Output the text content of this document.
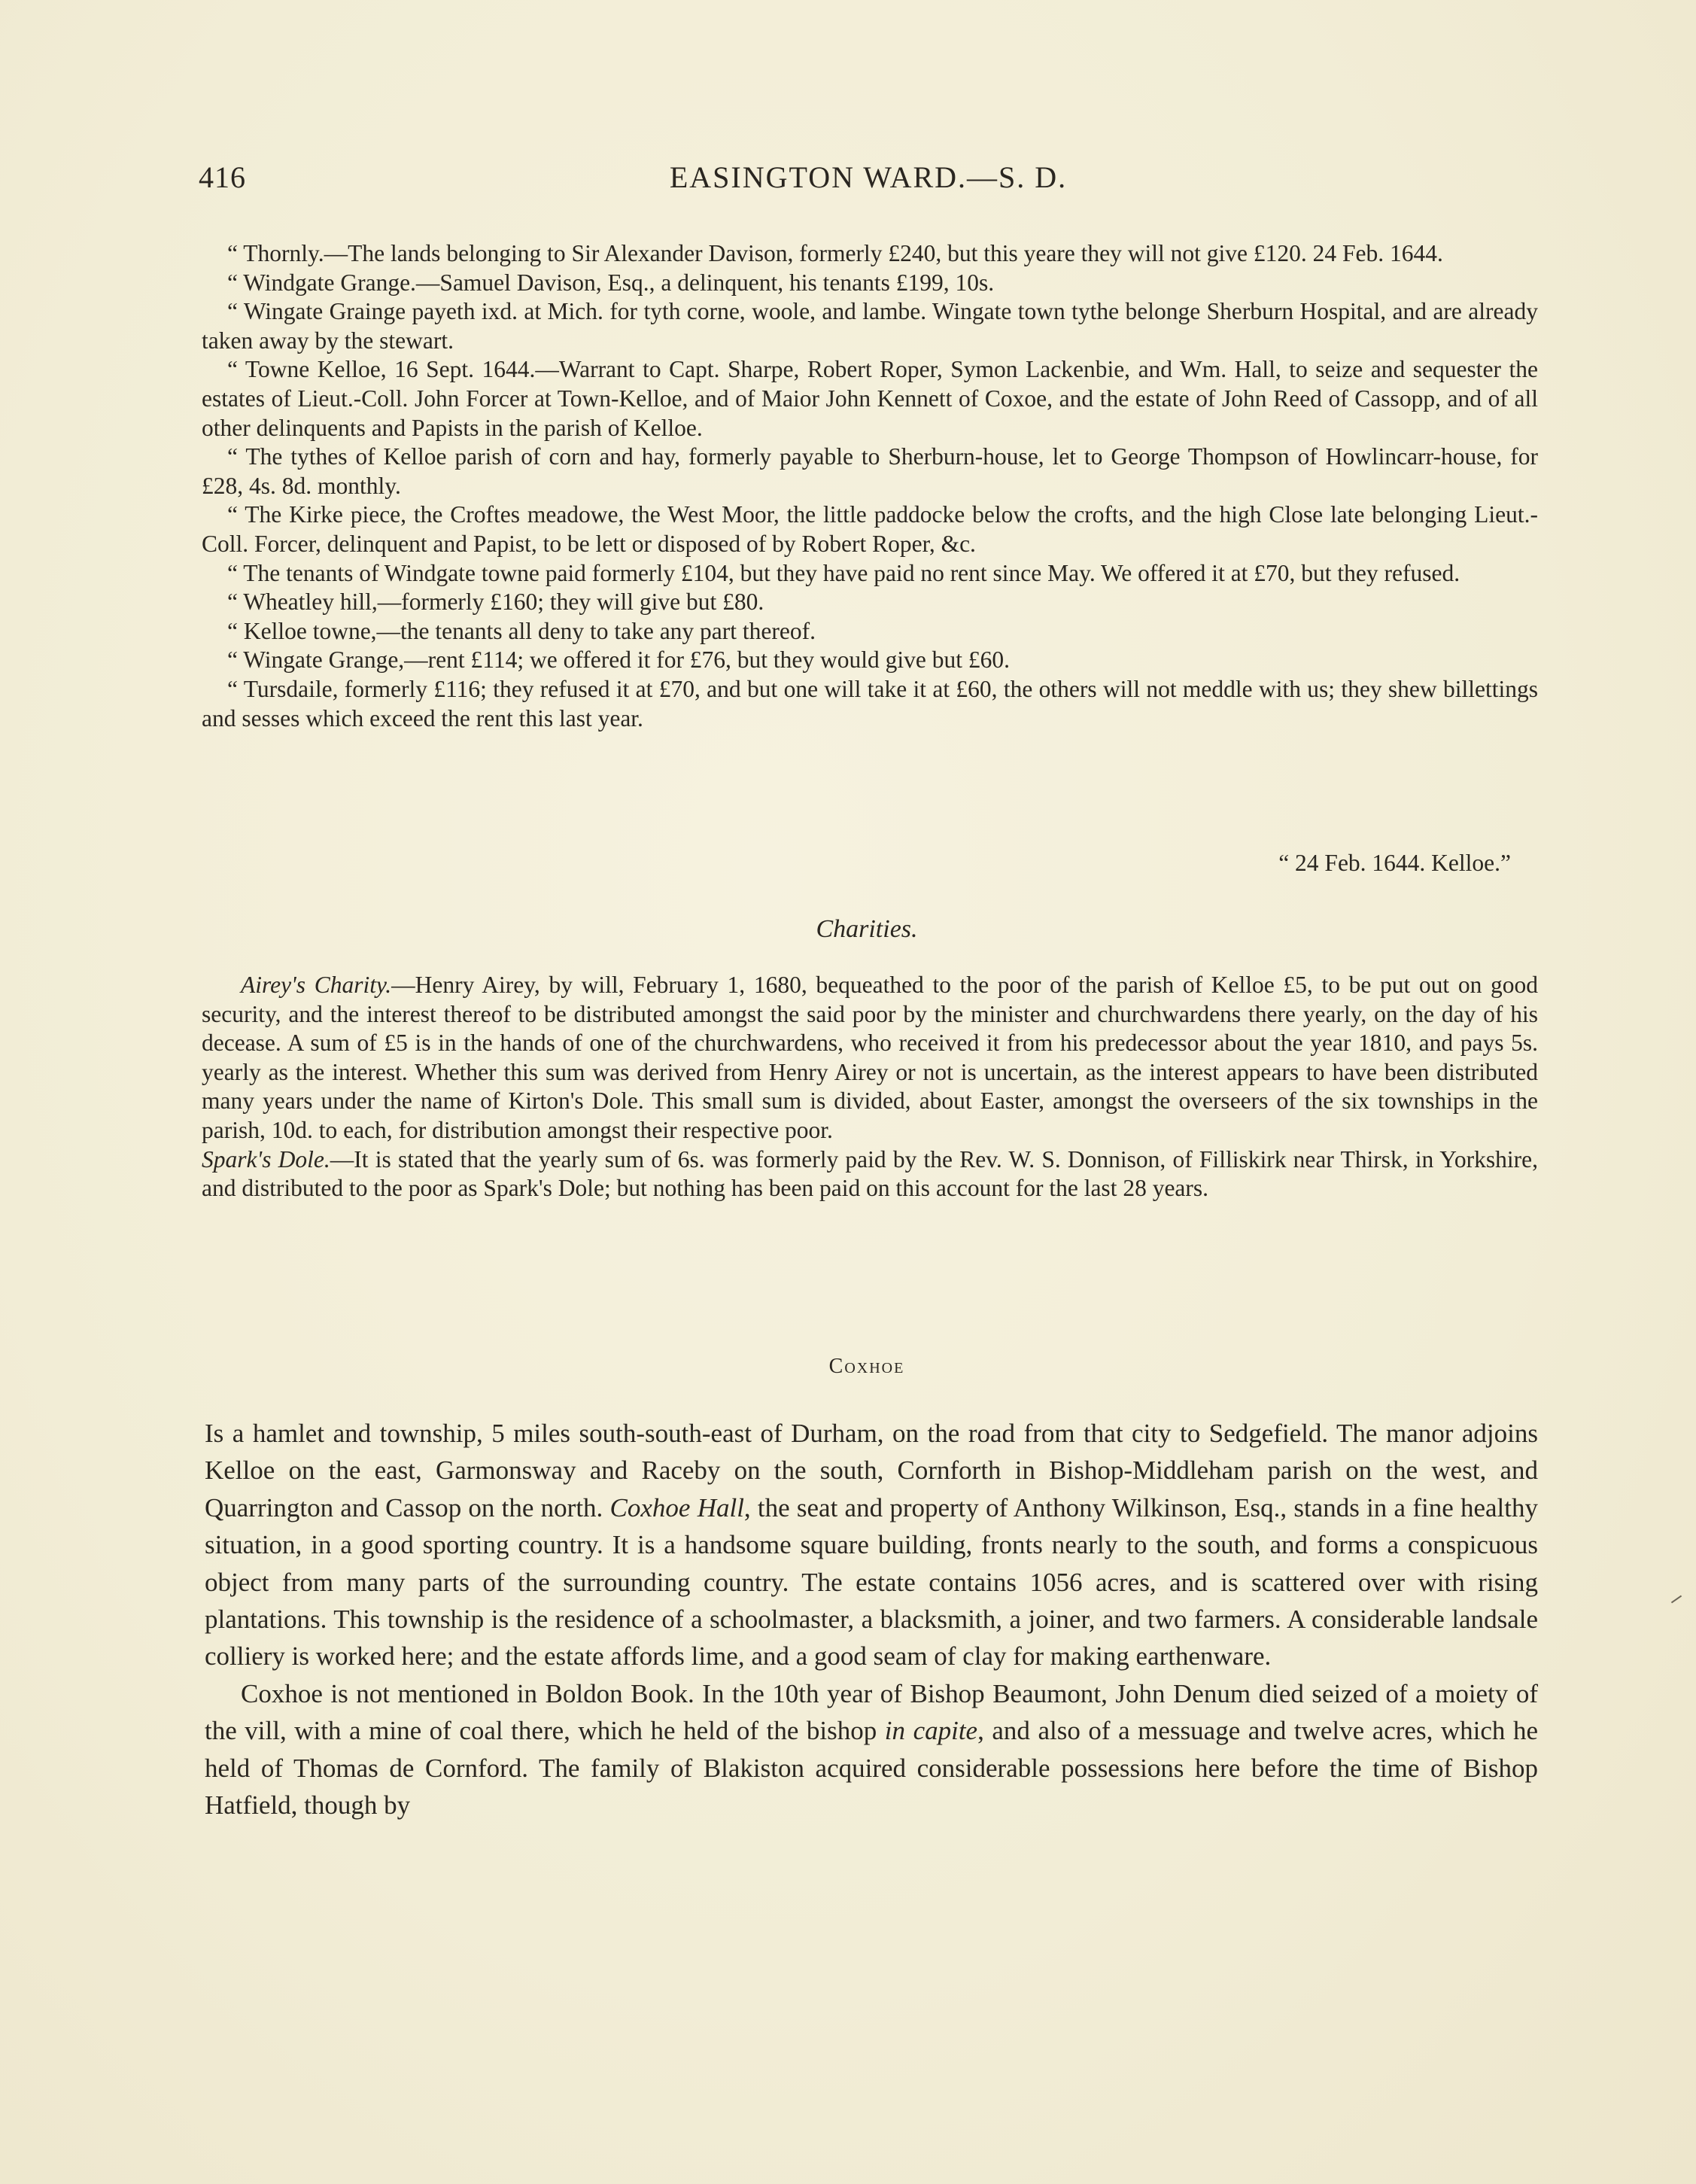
416	EASINGTON WARD.—S. D.

“ Thornly.—The lands belonging to Sir Alexander Davison, formerly £240, but this yeare they will not give £120. 24 Feb. 1644.

“ Windgate Grange.—Samuel Davison, Esq., a delinquent, his tenants £199, 10s.

“ Wingate Grainge payeth ixd. at Mich. for tyth corne, woole, and lambe. Wingate town tythe belonge Sherburn Hospital, and are already taken away by the stewart.

“ Towne Kelloe, 16 Sept. 1644.—Warrant to Capt. Sharpe, Robert Roper, Symon Lackenbie, and Wm. Hall, to seize and sequester the estates of Lieut.-Coll. John Forcer at Town-Kelloe, and of Maior John Kennett of Coxoe, and the estate of John Reed of Cassopp, and of all other delinquents and Papists in the parish of Kelloe.

“ The tythes of Kelloe parish of corn and hay, formerly payable to Sherburn-house, let to George Thompson of Howlincarr-house, for £28, 4s. 8d. monthly.

“ The Kirke piece, the Croftes meadowe, the West Moor, the little paddocke below the crofts, and the high Close late belonging Lieut.-Coll. Forcer, delinquent and Papist, to be lett or disposed of by Robert Roper, &c.

“ The tenants of Windgate towne paid formerly £104, but they have paid no rent since May. We offered it at £70, but they refused.

“ Wheatley hill,—formerly £160; they will give but £80.

“ Kelloe towne,—the tenants all deny to take any part thereof.

“ Wingate Grange,—rent £114; we offered it for £76, but they would give but £60.

“ Tursdaile, formerly £116; they refused it at £70, and but one will take it at £60, the others will not meddle with us; they shew billettings and sesses which exceed the rent this last year.

“ 24 Feb. 1644. Kelloe.”
Charities.

Airey's Charity.—Henry Airey, by will, February 1, 1680, bequeathed to the poor of the parish of Kelloe £5, to be put out on good security, and the interest thereof to be distributed amongst the said poor by the minister and churchwardens there yearly, on the day of his decease. A sum of £5 is in the hands of one of the churchwardens, who received it from his predecessor about the year 1810, and pays 5s. yearly as the interest. Whether this sum was derived from Henry Airey or not is uncertain, as the interest appears to have been distributed many years under the name of Kirton's Dole. This small sum is divided, about Easter, amongst the overseers of the six townships in the parish, 10d. to each, for distribution amongst their respective poor.

Spark's Dole.—It is stated that the yearly sum of 6s. was formerly paid by the Rev. W. S. Donnison, of Filliskirk near Thirsk, in Yorkshire, and distributed to the poor as Spark's Dole; but nothing has been paid on this account for the last 28 years.

Coxhoe

Is a hamlet and township, 5 miles south-south-east of Durham, on the road from that city to Sedgefield. The manor adjoins Kelloe on the east, Garmonsway and Raceby on the south, Cornforth in Bishop-Middleham parish on the west, and Quarrington and Cassop on the north. Coxhoe Hall, the seat and property of Anthony Wilkinson, Esq., stands in a fine healthy situation, in a good sporting country. It is a handsome square building, fronts nearly to the south, and forms a conspicuous object from many parts of the surrounding country. The estate contains 1056 acres, and is scattered over with rising plantations. This township is the residence of a schoolmaster, a blacksmith, a joiner, and two farmers. A considerable landsale colliery is worked here; and the estate affords lime, and a good seam of clay for making earthenware.

Coxhoe is not mentioned in Boldon Book. In the 10th year of Bishop Beaumont, John Denum died seized of a moiety of the vill, with a mine of coal there, which he held of the bishop in capite, and also of a messuage and twelve acres, which he held of Thomas de Cornford. The family of Blakiston acquired considerable possessions here before the time of Bishop Hatfield, though by
